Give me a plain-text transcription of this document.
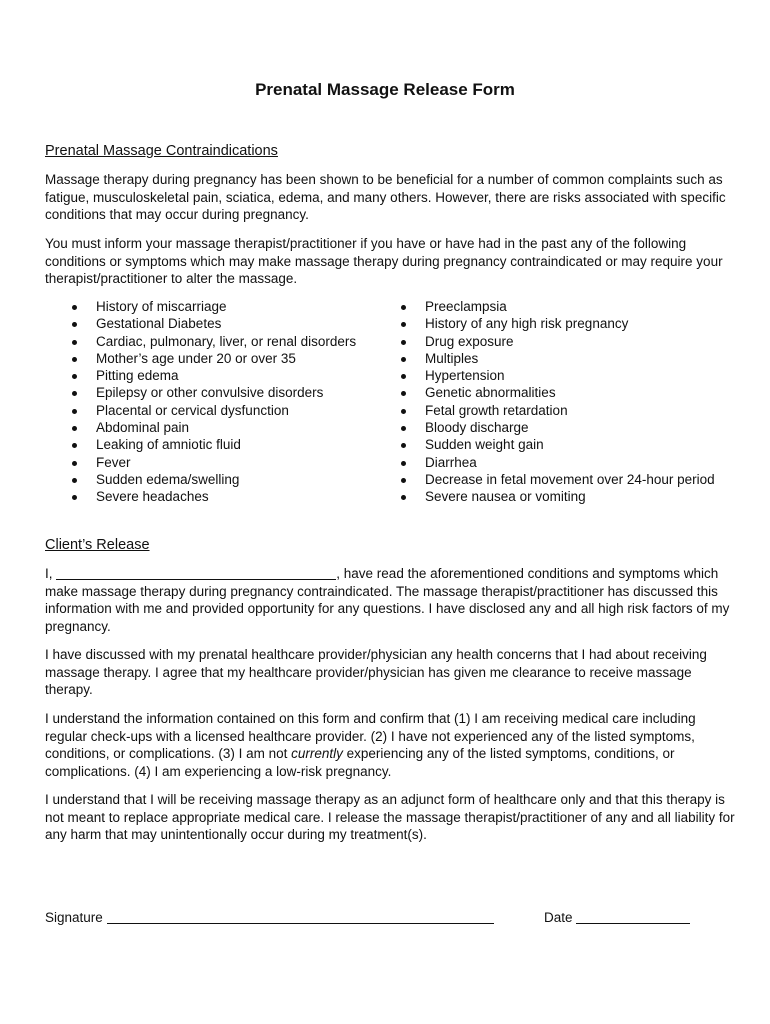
Prenatal Massage Release Form
Prenatal Massage Contraindications

Massage therapy during pregnancy has been shown to be beneficial for a number of common complaints such as fatigue, musculoskeletal pain, sciatica, edema, and many others. However, there are risks associated with specific conditions that may occur during pregnancy.

You must inform your massage therapist/practitioner if you have or have had in the past any of the following conditions or symptoms which may make massage therapy during pregnancy contraindicated or may require your therapist/practitioner to alter the massage.

History of miscarriage
Gestational Diabetes
Cardiac, pulmonary, liver, or renal disorders
Mother’s age under 20 or over 35
Pitting edema
Epilepsy or other convulsive disorders
Placental or cervical dysfunction
Abdominal pain
Leaking of amniotic fluid
Fever
Sudden edema/swelling
Severe headaches
Preeclampsia
History of any high risk pregnancy
Drug exposure
Multiples
Hypertension
Genetic abnormalities
Fetal growth retardation
Bloody discharge
Sudden weight gain
Diarrhea
Decrease in fetal movement over 24-hour period
Severe nausea or vomiting
Client’s Release

I,	, have read the aforementioned conditions and symptoms which make massage therapy during pregnancy contraindicated. The massage therapist/practitioner has discussed this information with me and provided opportunity for any questions. I have disclosed any and all high risk factors of my pregnancy.

I have discussed with my prenatal healthcare provider/physician any health concerns that I had about receiving massage therapy. I agree that my healthcare provider/physician has given me clearance to receive massage therapy.

I understand the information contained on this form and confirm that (1) I am receiving medical care including regular check-ups with a licensed healthcare provider. (2) I have not experienced any of the listed symptoms, conditions, or complications. (3) I am not currently experiencing any of the listed symptoms, conditions, or complications. (4) I am experiencing a low-risk pregnancy.

I understand that I will be receiving massage therapy as an adjunct form of healthcare only and that this therapy is not meant to replace appropriate medical care. I release the massage therapist/practitioner of any and all liability for any harm that may unintentionally occur during my treatment(s).

Signature	Date
